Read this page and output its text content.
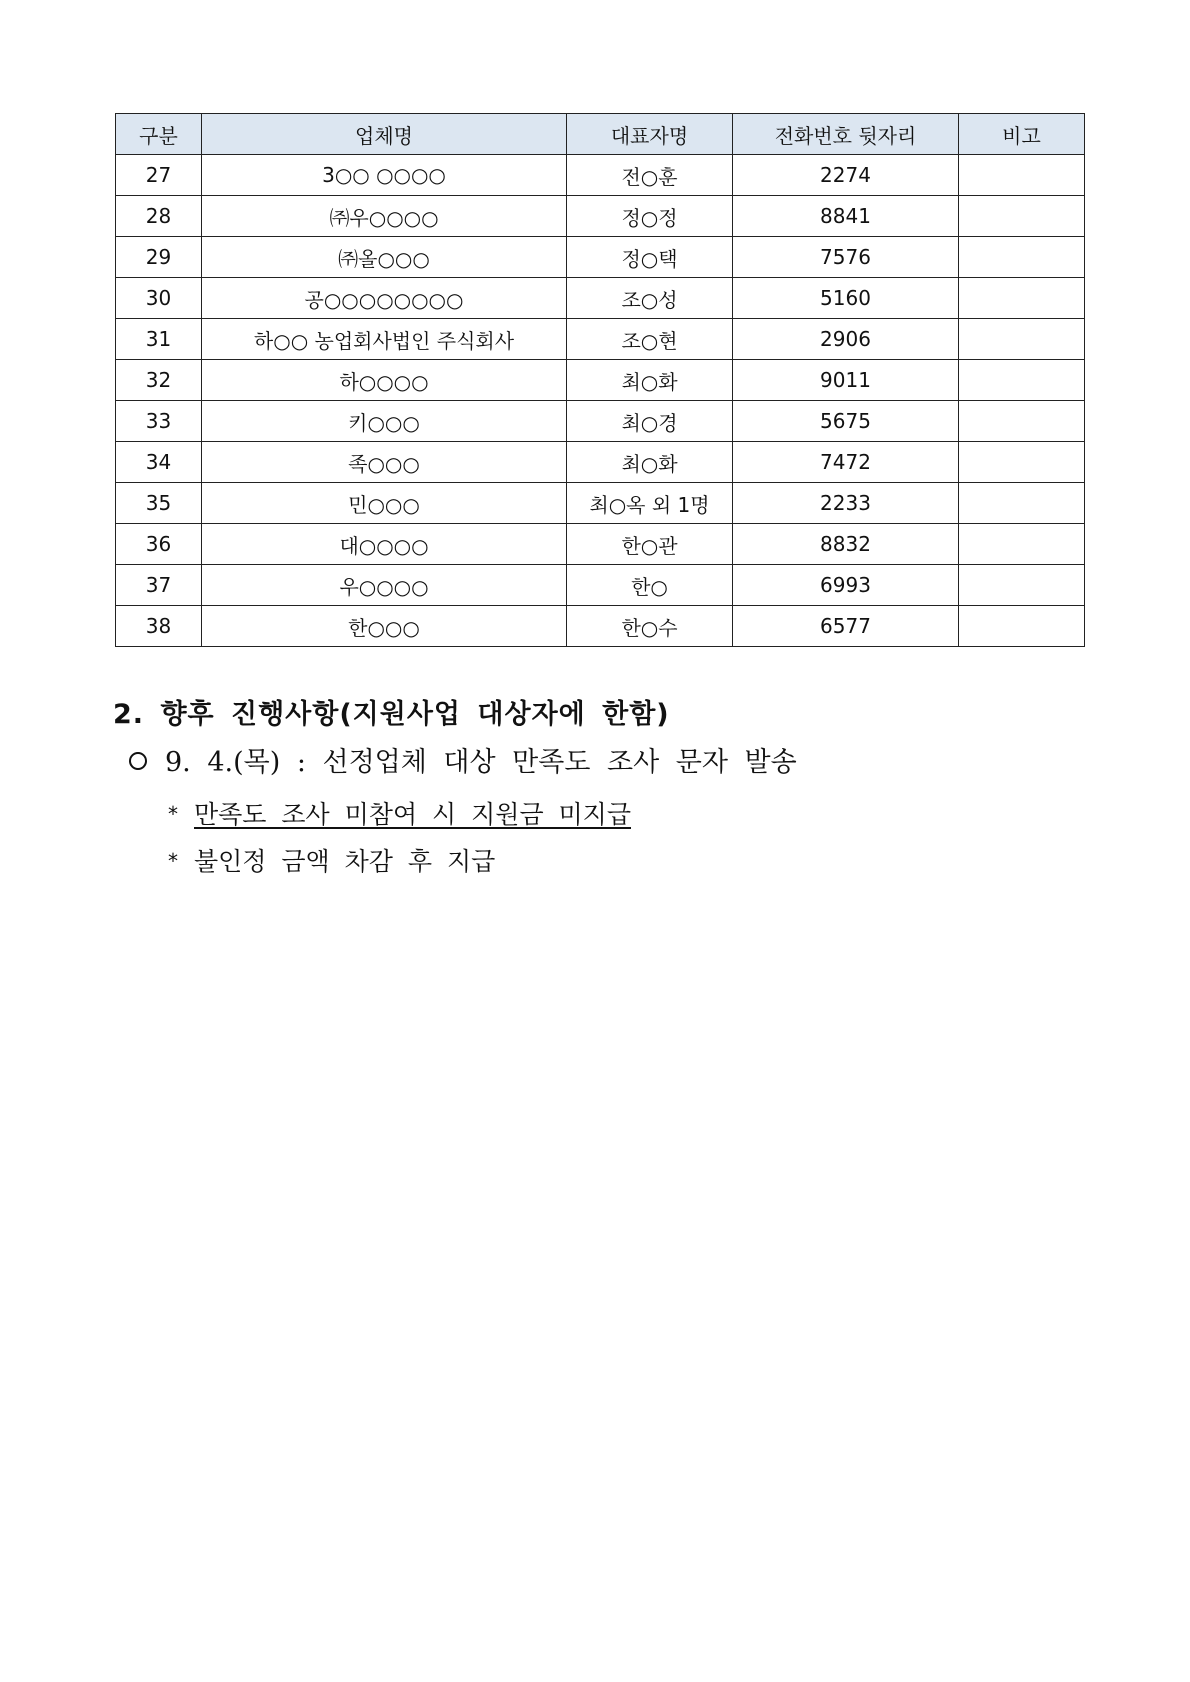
구분	업체명	대표자명	전화번호 뒷자리	비고
27	3○○ ○○○○	전○훈	2274	
28	㈜우○○○○	정○정	8841	
29	㈜올○○○	정○택	7576	
30	공○○○○○○○○	조○성	5160	
31	하○○ 농업회사법인 주식회사	조○현	2906	
32	하○○○○	최○화	9011	
33	키○○○	최○경	5675	
34	족○○○	최○화	7472	
35	민○○○	최○옥 외 1명	2233	
36	대○○○○	한○관	8832	
37	우○○○○	한○	6993	
38	한○○○	한○수	6577	
2. 향후 진행사항(지원사업 대상자에 한함)
9. 4.(목) : 선정업체 대상 만족도 조사 문자 발송
* 만족도 조사 미참여 시 지원금 미지급
* 불인정 금액 차감 후 지급
